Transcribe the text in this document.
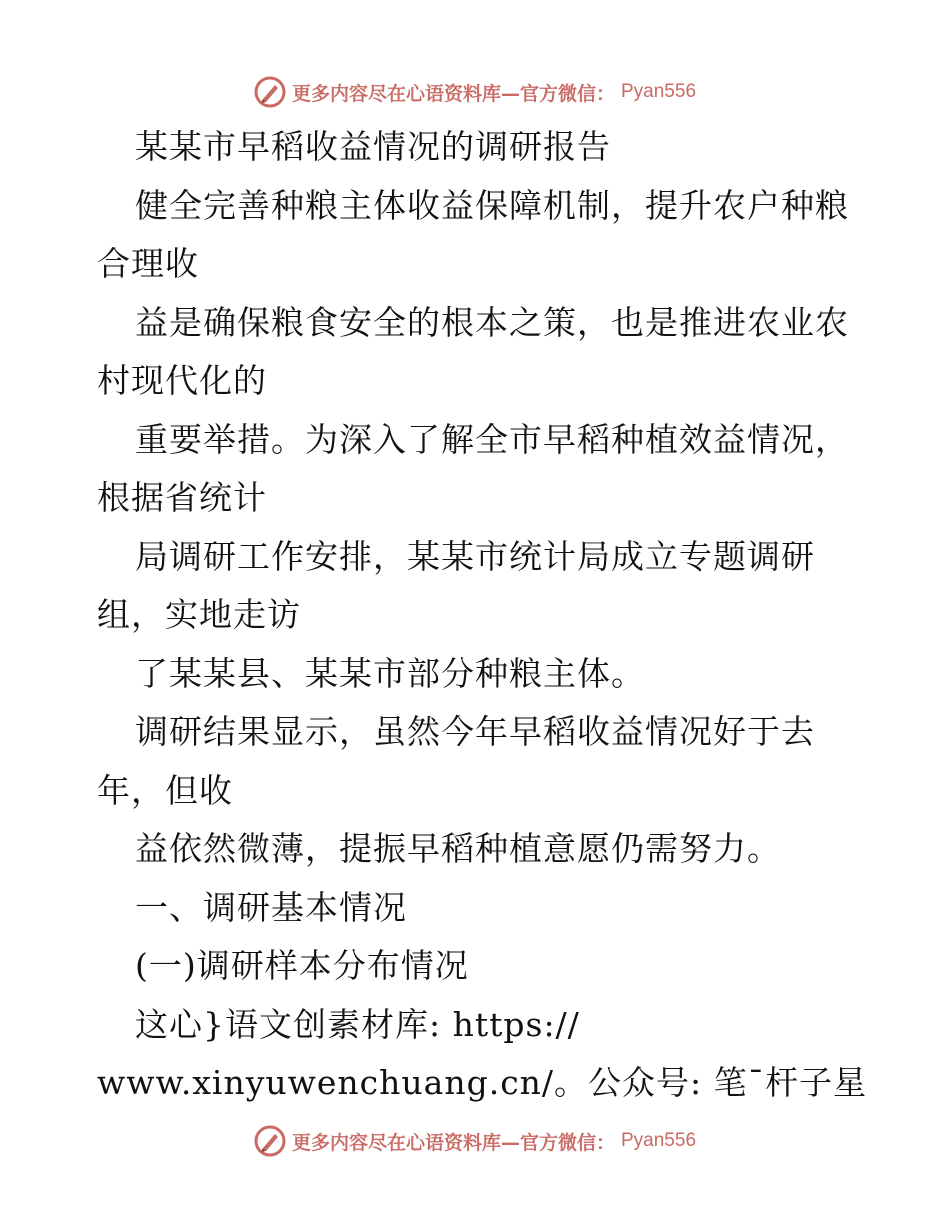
更多内容尽在心语资料库—官方微信： Pyan556
某某市早稻收益情况的调研报告
健全完善种粮主体收益保障机制，提升农户种粮
合理收
益是确保粮食安全的根本之策，也是推进农业农
村现代化的
重要举措。为深入了解全市早稻种植效益情况，
根据省统计
局调研工作安排，某某市统计局成立专题调研
组，实地走访
了某某县、某某市部分种粮主体。
调研结果显示，虽然今年早稻收益情况好于去
年，但收
益依然微薄，提振早稻种植意愿仍需努力。
一、调研基本情况
(一)调研样本分布情况
这心}语文创素材库: https://
www.xinyuwenchuang.cn/。公众号: 笔¯杆子星
更多内容尽在心语资料库—官方微信： Pyan556
